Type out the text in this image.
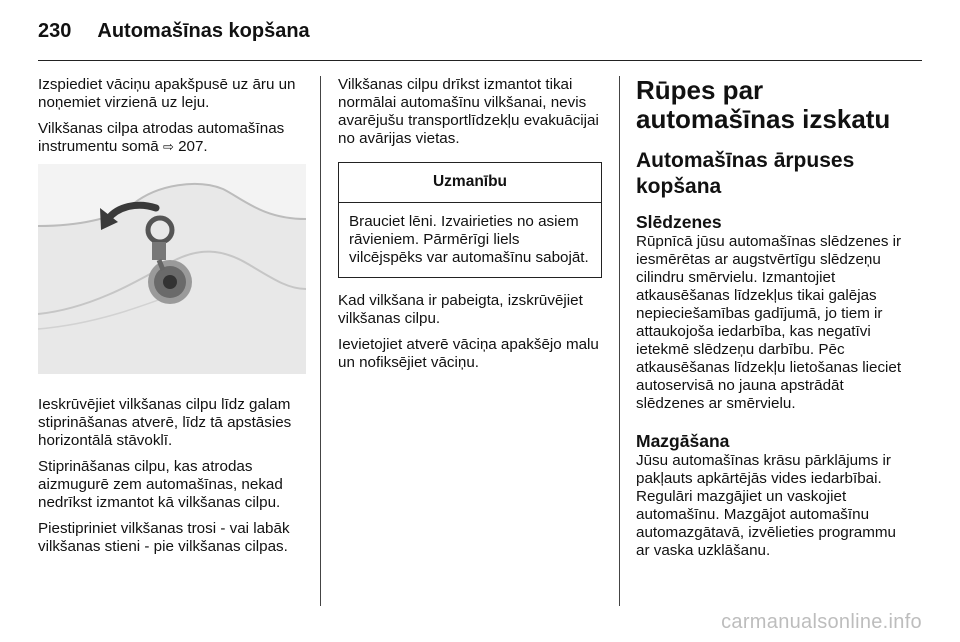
230 Automašīnas kopšana

Izspiediet vāciņu apakšpusē uz āru un noņemiet virzienā uz leju.

Vilkšanas cilpa atrodas automašīnas instrumentu somā ⇨ 207.

Ieskrūvējiet vilkšanas cilpu līdz galam stiprināšanas atverē, līdz tā apstāsies horizontālā stāvoklī.

Stiprināšanas cilpu, kas atrodas aizmugurē zem automašīnas, nekad nedrīkst izmantot kā vilkšanas cilpu.

Piestipriniet vilkšanas trosi - vai labāk vilkšanas stieni - pie vilkšanas cilpas.

Vilkšanas cilpu drīkst izmantot tikai normālai automašīnu vilkšanai, nevis avarējušu transportlīdzekļu evakuācijai no avārijas vietas.

Uzmanību
Brauciet lēni. Izvairieties no asiem rāvieniem. Pārmērīgi liels vilcējspēks var automašīnu sabojāt.

Kad vilkšana ir pabeigta, izskrūvējiet vilkšanas cilpu.

Ievietojiet atverē vāciņa apakšējo malu un nofiksējiet vāciņu.

Rūpes par automašīnas izskatu
Automašīnas ārpuses kopšana
Slēdzenes
Rūpnīcā jūsu automašīnas slēdzenes ir iesmērētas ar augstvērtīgu slēdzeņu cilindru smērvielu. Izmantojiet atkausēšanas līdzekļus tikai galējas nepieciešamības gadījumā, jo tiem ir attaukojoša iedarbība, kas negatīvi ietekmē slēdzeņu darbību. Pēc atkausēšanas līdzekļu lietošanas lieciet autoservisā no jauna apstrādāt slēdzenes ar smērvielu.
Mazgāšana
Jūsu automašīnas krāsu pārklājums ir pakļauts apkārtējās vides iedarbībai. Regulāri mazgājiet un vaskojiet automašīnu. Mazgājot automašīnu automazgātavā, izvēlieties programmu ar vaska uzklāšanu.
carmanualsonline.info
